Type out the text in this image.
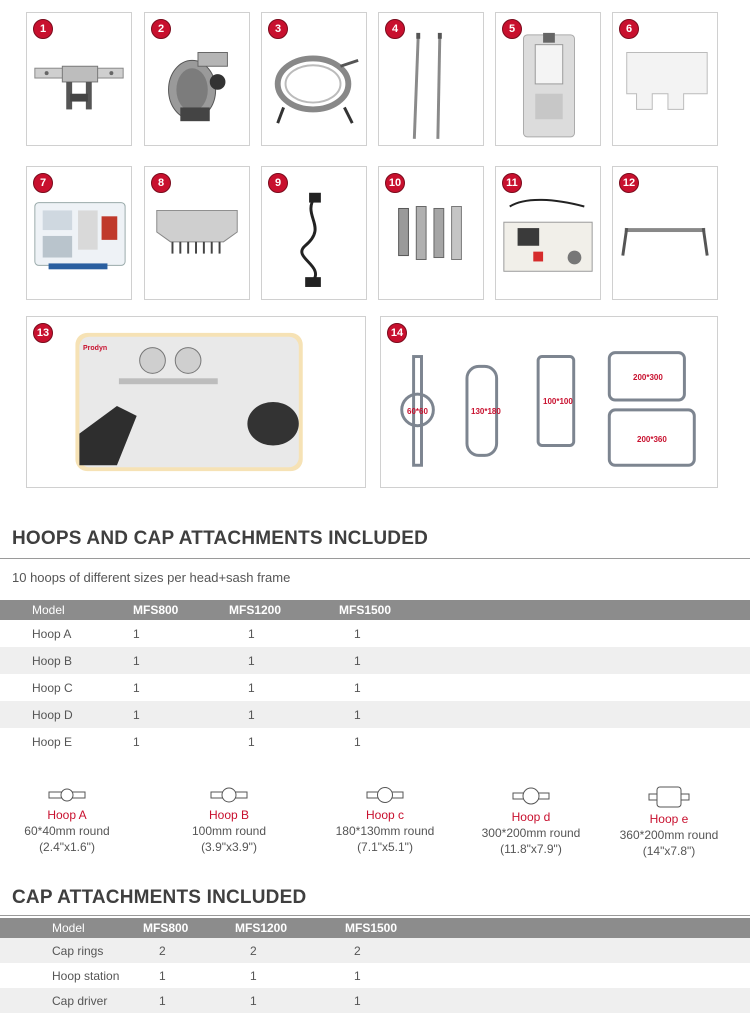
1	2	3	4	5	6
7	8	9	10	11	12
13
Prodyn
14
60*60	130*180
100*100
200*300
200*360
HOOPS AND CAP ATTACHMENTS INCLUDED
10 hoops of different sizes per head+sash frame
Model	MFS800	MFS1200	MFS1500
Hoop A	1	1	1
Hoop B	1	1	1
Hoop C	1	1	1
Hoop D	1	1	1
Hoop E	1	1	1
Hoop A
60*40mm round
(2.4"x1.6")
Hoop B
100mm round
(3.9"x3.9")
Hoop c
180*130mm round
(7.1"x5.1")
Hoop d
300*200mm round
(11.8"x7.9")
Hoop e
360*200mm round
(14"x7.8")
CAP ATTACHMENTS INCLUDED
Model	MFS800	MFS1200	MFS1500
Cap rings	2	2	2
Hoop station	1	1	1
Cap driver	1	1	1
